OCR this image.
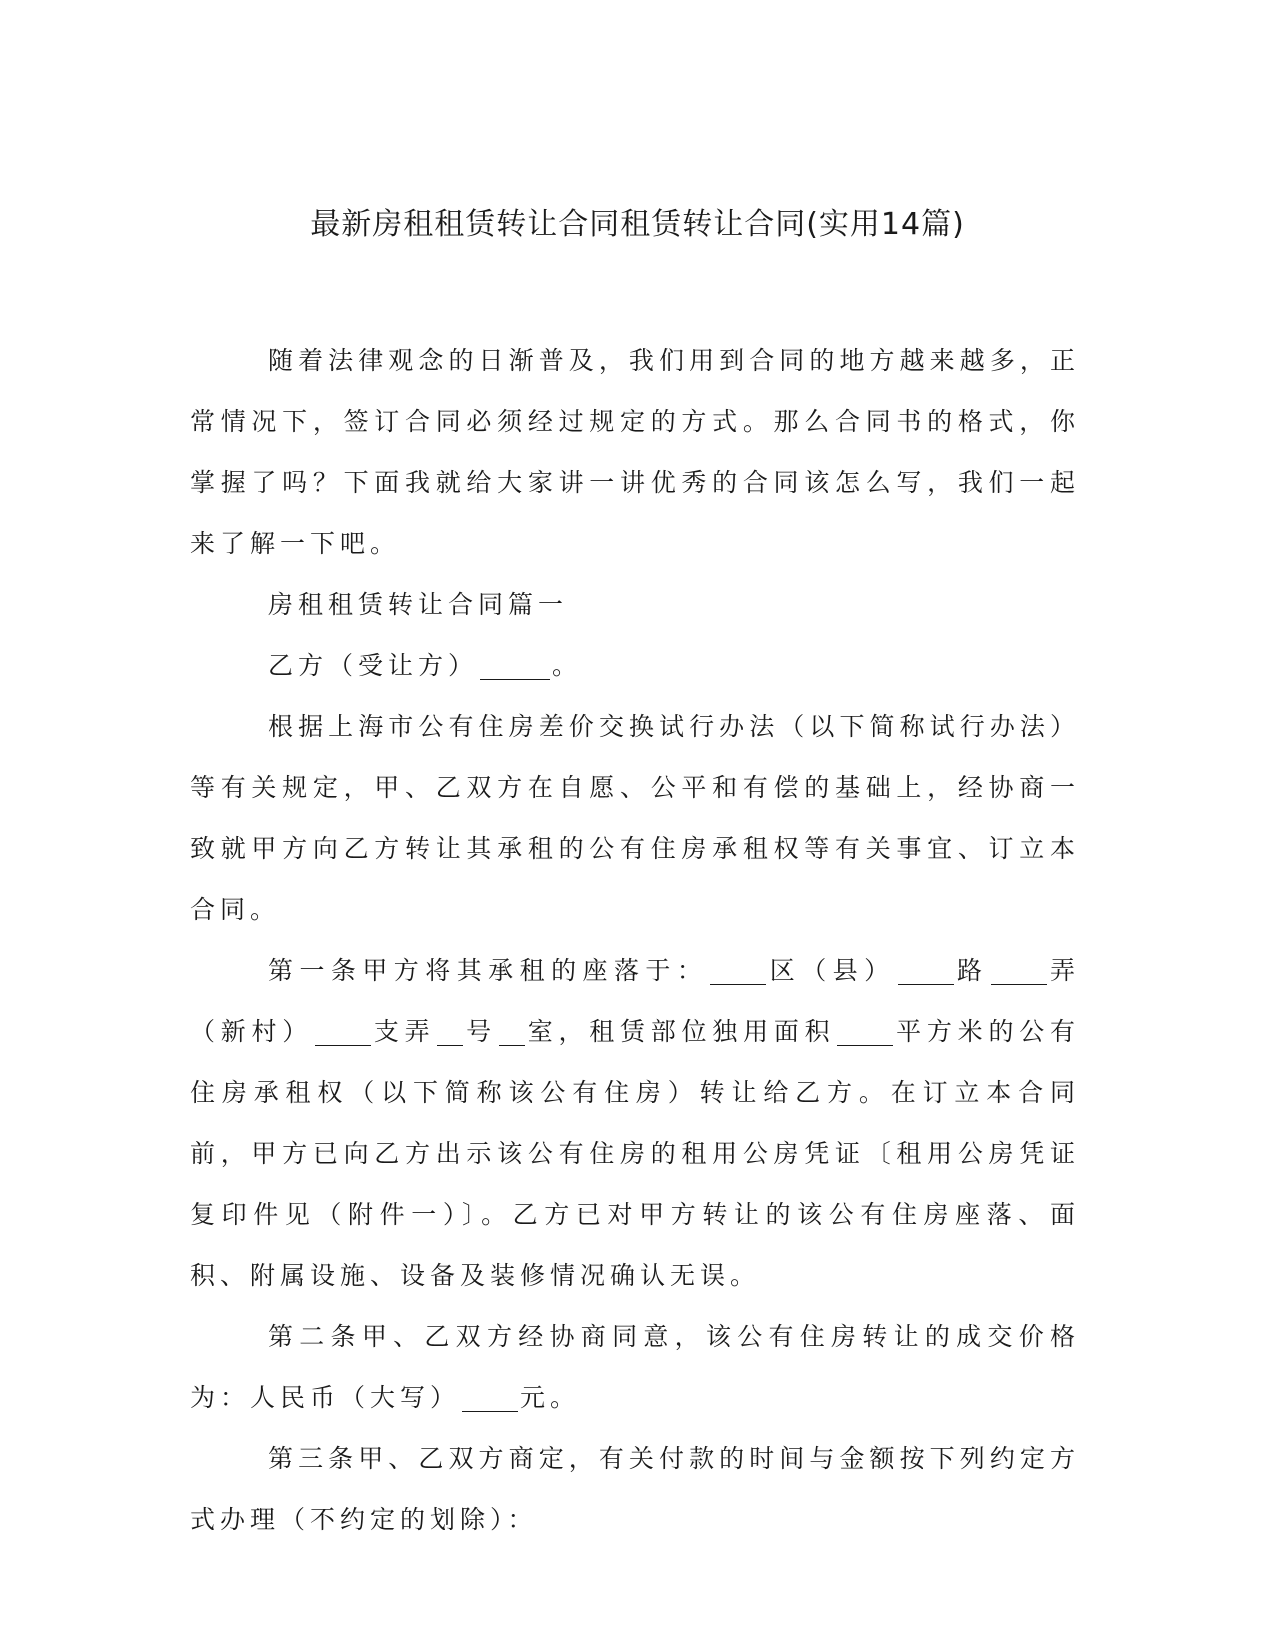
最新房租租赁转让合同租赁转让合同(实用14篇)

随着法律观念的日渐普及，我们用到合同的地方越来越多，正常情况下，签订合同必须经过规定的方式。那么合同书的格式，你掌握了吗？下面我就给大家讲一讲优秀的合同该怎么写，我们一起来了解一下吧。

房租租赁转让合同篇一

乙方（受让方）	。

根据上海市公有住房差价交换试行办法（以下简称试行办法）等有关规定，甲、乙双方在自愿、公平和有偿的基础上，经协商一致就甲方向乙方转让其承租的公有住房承租权等有关事宜、订立本合同。

第一条甲方将其承租的座落于： 区（县） 路 弄（新村） 支弄 号 室，租赁部位独用面积 平方米的公有住房承租权（以下简称该公有住房）转让给乙方。在订立本合同前，甲方已向乙方出示该公有住房的租用公房凭证〔租用公房凭证复印件见（附件一）〕。乙方已对甲方转让的该公有住房座落、面积、附属设施、设备及装修情况确认无误。

第二条甲、乙双方经协商同意，该公有住房转让的成交价格为：人民币（大写） 元。

第三条甲、乙双方商定，有关付款的时间与金额按下列约定方式办理（不约定的划除）：
